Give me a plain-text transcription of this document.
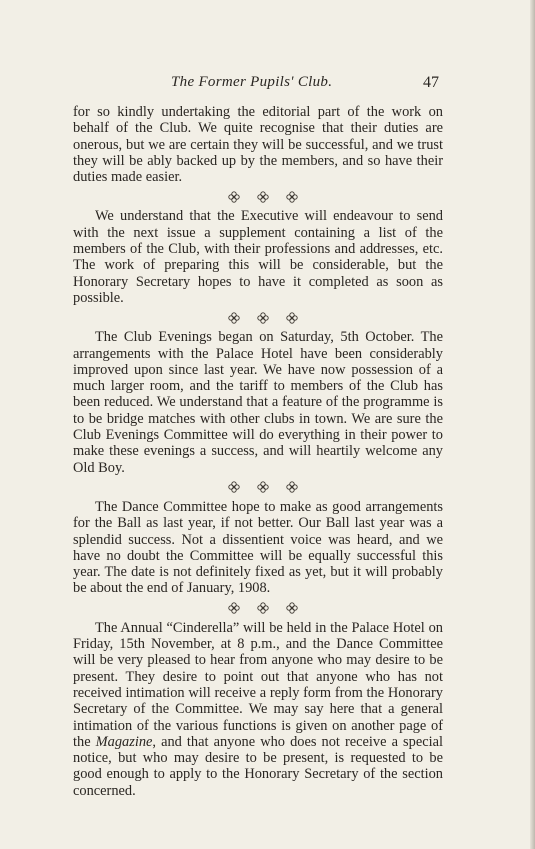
The Former Pupils' Club.	47

for so kindly undertaking the editorial part of the work on behalf of the Club. We quite recognise that their duties are onerous, but we are certain they will be successful, and we trust they will be ably backed up by the members, and so have their duties made easier.

We understand that the Executive will endeavour to send with the next issue a supplement containing a list of the members of the Club, with their professions and addresses, etc. The work of preparing this will be considerable, but the Honorary Secretary hopes to have it completed as soon as possible.

The Club Evenings began on Saturday, 5th October. The arrangements with the Palace Hotel have been considerably improved upon since last year. We have now possession of a much larger room, and the tariff to members of the Club has been reduced. We understand that a feature of the programme is to be bridge matches with other clubs in town. We are sure the Club Evenings Committee will do everything in their power to make these evenings a success, and will heartily welcome any Old Boy.

The Dance Committee hope to make as good arrangements for the Ball as last year, if not better. Our Ball last year was a splendid success. Not a dissentient voice was heard, and we have no doubt the Committee will be equally successful this year. The date is not definitely fixed as yet, but it will probably be about the end of January, 1908.

The Annual “Cinderella” will be held in the Palace Hotel on Friday, 15th November, at 8 p.m., and the Dance Committee will be very pleased to hear from anyone who may desire to be present. They desire to point out that anyone who has not received intimation will receive a reply form from the Honorary Secretary of the Committee. We may say here that a general intimation of the various functions is given on another page of the Magazine, and that anyone who does not receive a special notice, but who may desire to be present, is requested to be good enough to apply to the Honorary Secretary of the section concerned.
